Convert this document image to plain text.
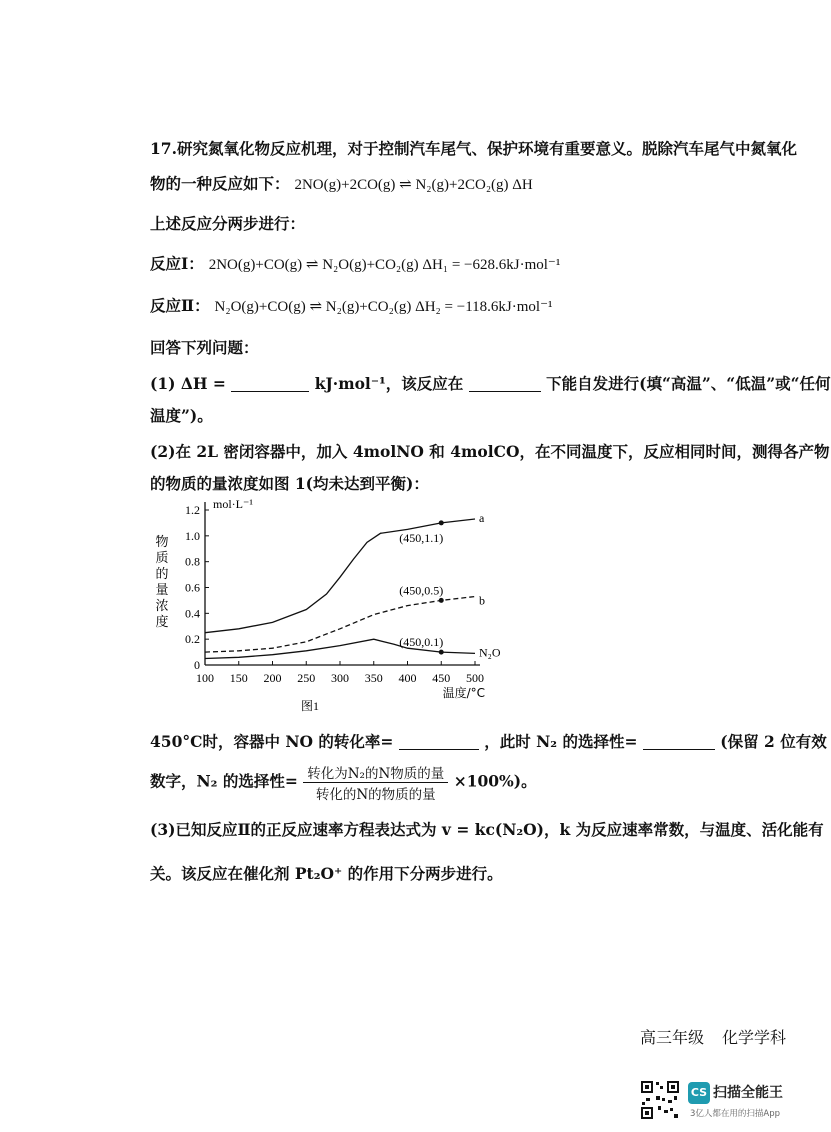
17.研究氮氧化物反应机理，对于控制汽车尾气、保护环境有重要意义。脱除汽车尾气中氮氧化
物的一种反应如下： 2NO(g)+2CO(g) ⇌ N₂(g)+2CO₂(g) ΔH
上述反应分两步进行：
反应Ⅰ： 2NO(g)+CO(g) ⇌ N₂O(g)+CO₂(g) ΔH₁ = −628.6kJ·mol⁻¹
反应Ⅱ： N₂O(g)+CO(g) ⇌ N₂(g)+CO₂(g) ΔH₂ = −118.6kJ·mol⁻¹
回答下列问题：
(1) ΔH =	kJ·mol⁻¹，该反应在	下能自发进行(填“高温”、“低温”或“任何
温度”)。
(2)在 2L 密闭容器中，加入 4molNO 和 4molCO，在不同温度下，反应相同时间，测得各产物
的物质的量浓度如图 1(均未达到平衡)：
0
0.2
0.4
0.6
0.8
1.0
1.2
100 150 200 250 300 350 400 450 500
mol·L⁻¹
物
质
的
量
浓
度
温度/°C
图1
a
b
N₂O
(450,1.1)
(450,0.5)
(450,0.1)
450°C时，容器中 NO 的转化率=	，此时 N₂ 的选择性=	(保留 2 位有效
数字，N₂ 的选择性= $\frac{\text{转化为N₂的N物质的量}}{\text{转化的N的物质的量}} \times 100\%$)。
(3)已知反应Ⅱ的正反应速率方程表达式为 v = kc(N₂O)，k 为反应速率常数，与温度、活化能有
关。该反应在催化剂 Pt₂O⁺ 的作用下分两步进行。
高三年级 化学学科
CS 扫描全能王
3亿人都在用的扫描App
